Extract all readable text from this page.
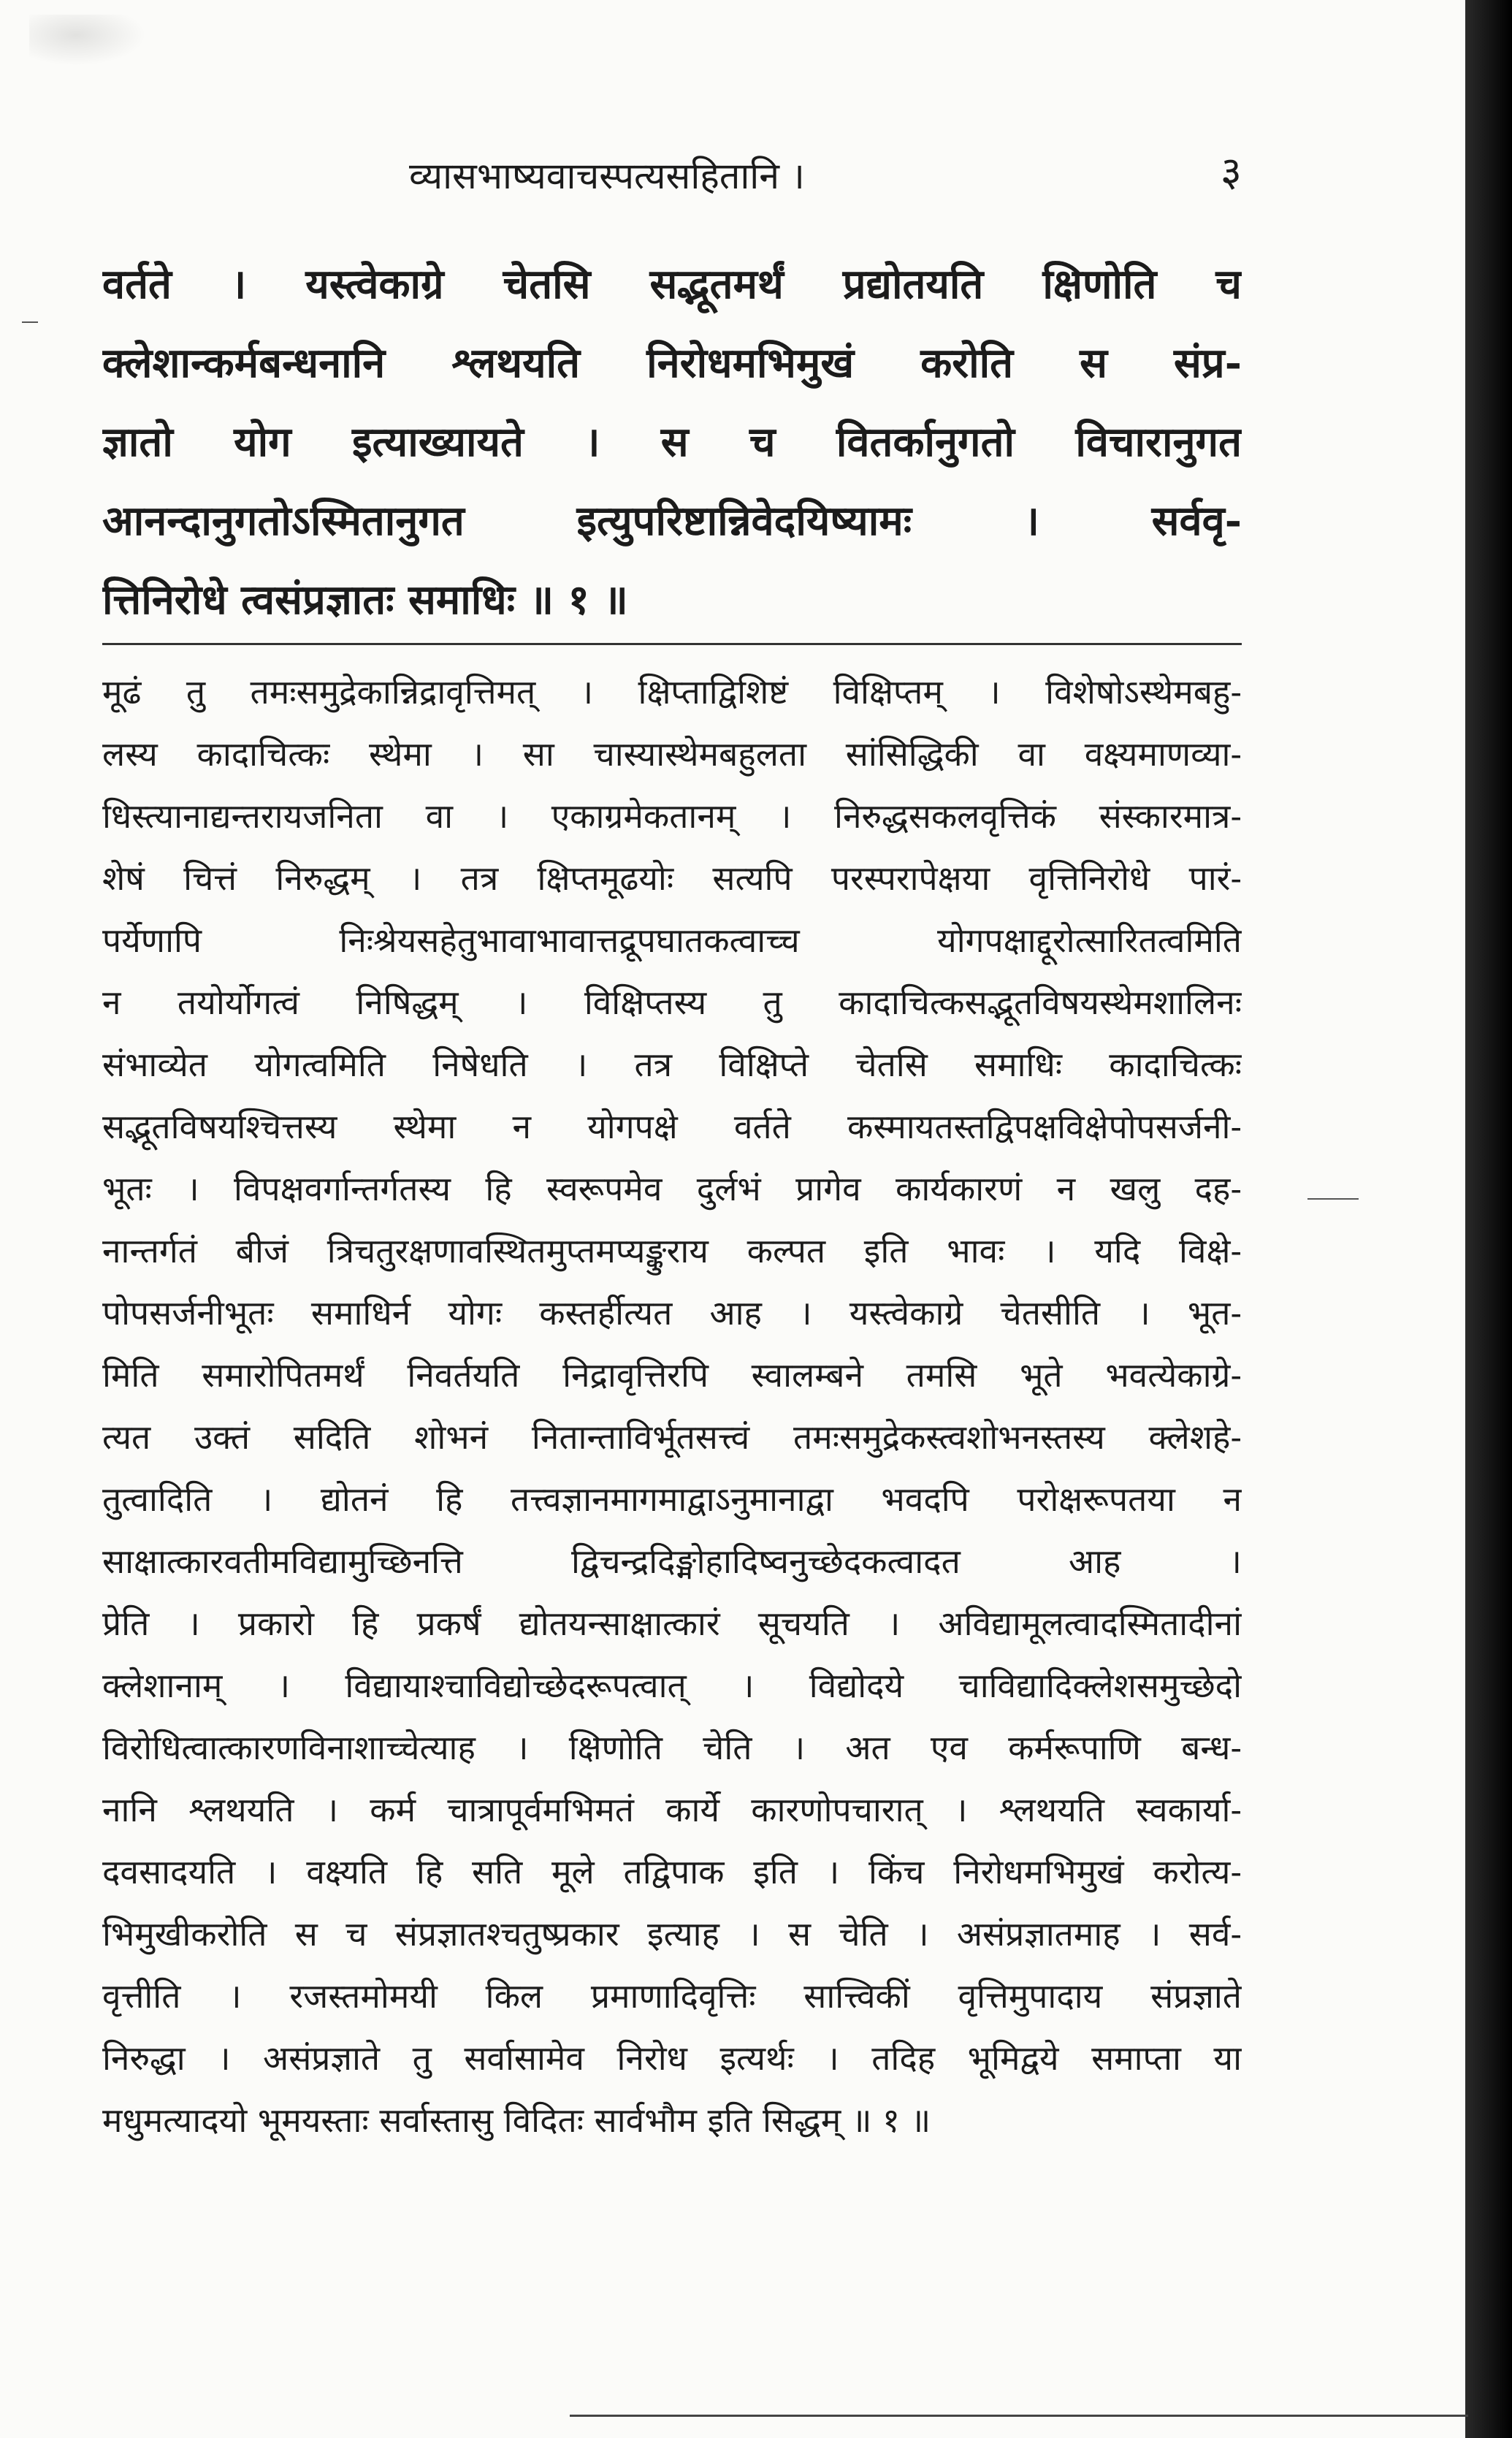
व्यासभाष्यवाचस्पत्यसहितानि ।	३
वर्तते । यस्त्वेकाग्रे चेतसि सद्भूतमर्थं प्रद्योतयति क्षिणोति च
क्लेशान्कर्मबन्धनानि श्लथयति निरोधमभिमुखं करोति स संप्र-
ज्ञातो योग इत्याख्यायते । स च वितर्कानुगतो विचारानुगत
आनन्दानुगतोऽस्मितानुगत इत्युपरिष्टान्निवेदयिष्यामः । सर्ववृ-
त्तिनिरोधे त्वसंप्रज्ञातः समाधिः ॥ १ ॥
मूढं तु तमःसमुद्रेकान्निद्रावृत्तिमत् । क्षिप्ताद्विशिष्टं विक्षिप्तम् । विशेषोऽस्थेमबहु-
लस्य कादाचित्कः स्थेमा । सा चास्यास्थेमबहुलता सांसिद्धिकी वा वक्ष्यमाणव्या-
धिस्त्यानाद्यन्तरायजनिता वा । एकाग्रमेकतानम् । निरुद्धसकलवृत्तिकं संस्कारमात्र-
शेषं चित्तं निरुद्धम् । तत्र क्षिप्तमूढयोः सत्यपि परस्परापेक्षया वृत्तिनिरोधे पारं-
पर्येणापि निःश्रेयसहेतुभावाभावात्तद्रूपघातकत्वाच्च योगपक्षाद्दूरोत्सारितत्वमिति
न तयोर्योगत्वं निषिद्धम् । विक्षिप्तस्य तु कादाचित्कसद्भूतविषयस्थेमशालिनः
संभाव्येत योगत्वमिति निषेधति । तत्र विक्षिप्ते चेतसि समाधिः कादाचित्कः
सद्भूतविषयश्चित्तस्य स्थेमा न योगपक्षे वर्तते कस्मायतस्तद्विपक्षविक्षेपोपसर्जनी-
भूतः । विपक्षवर्गान्तर्गतस्य हि स्वरूपमेव दुर्लभं प्रागेव कार्यकारणं न खलु दह-
नान्तर्गतं बीजं त्रिचतुरक्षणावस्थितमुप्तमप्यङ्कुराय कल्पत इति भावः । यदि विक्षे-
पोपसर्जनीभूतः समाधिर्न योगः कस्तर्हीत्यत आह । यस्त्वेकाग्रे चेतसीति । भूत-
मिति समारोपितमर्थं निवर्तयति निद्रावृत्तिरपि स्वालम्बने तमसि भूते भवत्येकाग्रे-
त्यत उक्तं सदिति शोभनं नितान्ताविर्भूतसत्त्वं तमःसमुद्रेकस्त्वशोभनस्तस्य क्लेशहे-
तुत्वादिति । द्योतनं हि तत्त्वज्ञानमागमाद्वाऽनुमानाद्वा भवदपि परोक्षरूपतया न
साक्षात्कारवतीमविद्यामुच्छिनत्ति द्विचन्द्रदिङ्मोहादिष्वनुच्छेदकत्वादत आह ।
प्रेति । प्रकारो हि प्रकर्षं द्योतयन्साक्षात्कारं सूचयति । अविद्यामूलत्वादस्मितादीनां
क्लेशानाम् । विद्यायाश्चाविद्योच्छेदरूपत्वात् । विद्योदये चाविद्यादिक्लेशसमुच्छेदो
विरोधित्वात्कारणविनाशाच्चेत्याह । क्षिणोति चेति । अत एव कर्मरूपाणि बन्ध-
नानि श्लथयति । कर्म चात्रापूर्वमभिमतं कार्ये कारणोपचारात् । श्लथयति स्वकार्या-
दवसादयति । वक्ष्यति हि सति मूले तद्विपाक इति । किंच निरोधमभिमुखं करोत्य-
भिमुखीकरोति स च संप्रज्ञातश्चतुष्प्रकार इत्याह । स चेति । असंप्रज्ञातमाह । सर्व-
वृत्तीति । रजस्तमोमयी किल प्रमाणादिवृत्तिः सात्त्विकीं वृत्तिमुपादाय संप्रज्ञाते
निरुद्धा । असंप्रज्ञाते तु सर्वासामेव निरोध इत्यर्थः । तदिह भूमिद्वये समाप्ता या
मधुमत्यादयो भूमयस्ताः सर्वास्तासु विदितः सार्वभौम इति सिद्धम् ॥ १ ॥
